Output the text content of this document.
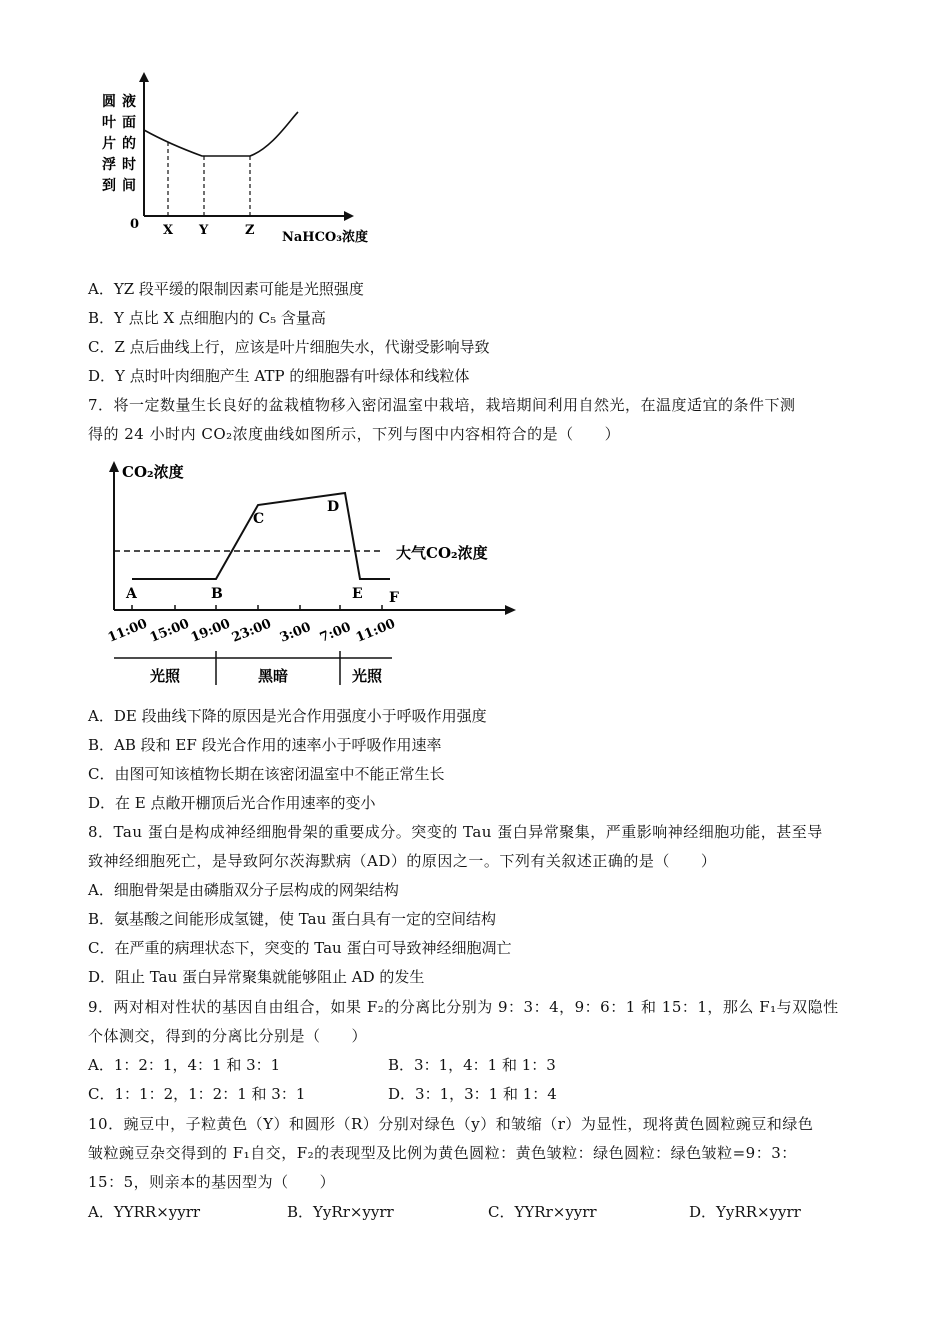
圆
叶
片
浮
到
液
面
的
时
间
0 X Y	Z NaHCO₃浓度
A．YZ 段平缓的限制因素可能是光照强度
B．Y 点比 X 点细胞内的 C₅ 含量高
C．Z 点后曲线上行，应该是叶片细胞失水，代谢受影响导致
D．Y 点时叶肉细胞产生 ATP 的细胞器有叶绿体和线粒体
7．将一定数量生长良好的盆栽植物移入密闭温室中栽培，栽培期间利用自然光，在温度适宜的条件下测
得的 24 小时内 CO₂浓度曲线如图所示，下列与图中内容相符合的是（　　）
CO₂浓度
大气CO₂浓度
A	B
C
D
E F
11:00
15:00
19:00
23:00 3:00 7:00 11:00
光照	黑暗	光照
A．DE 段曲线下降的原因是光合作用强度小于呼吸作用强度
B．AB 段和 EF 段光合作用的速率小于呼吸作用速率
C．由图可知该植物长期在该密闭温室中不能正常生长
D．在 E 点敞开棚顶后光合作用速率的变小
8．Tau 蛋白是构成神经细胞骨架的重要成分。突变的 Tau 蛋白异常聚集，严重影响神经细胞功能，甚至导
致神经细胞死亡，是导致阿尔茨海默病（AD）的原因之一。下列有关叙述正确的是（　　）
A．细胞骨架是由磷脂双分子层构成的网架结构
B．氨基酸之间能形成氢键，使 Tau 蛋白具有一定的空间结构
C．在严重的病理状态下，突变的 Tau 蛋白可导致神经细胞凋亡
D．阻止 Tau 蛋白异常聚集就能够阻止 AD 的发生
9．两对相对性状的基因自由组合，如果 F₂的分离比分别为 9：3：4，9：6：1 和 15：1，那么 F₁与双隐性
个体测交，得到的分离比分别是（　　）
A．1：2：1，4：1 和 3：1	B．3：1，4：1 和 1：3
C．1：1：2，1：2：1 和 3：1	D．3：1，3：1 和 1：4
10．豌豆中，子粒黄色（Y）和圆形（R）分别对绿色（y）和皱缩（r）为显性，现将黄色圆粒豌豆和绿色
皱粒豌豆杂交得到的 F₁自交，F₂的表现型及比例为黄色圆粒：黄色皱粒：绿色圆粒：绿色皱粒=9：3：
15：5，则亲本的基因型为（　　）
A．YYRR×yyrr	B．YyRr×yyrr	C．YYRr×yyrr	D．YyRR×yyrr
